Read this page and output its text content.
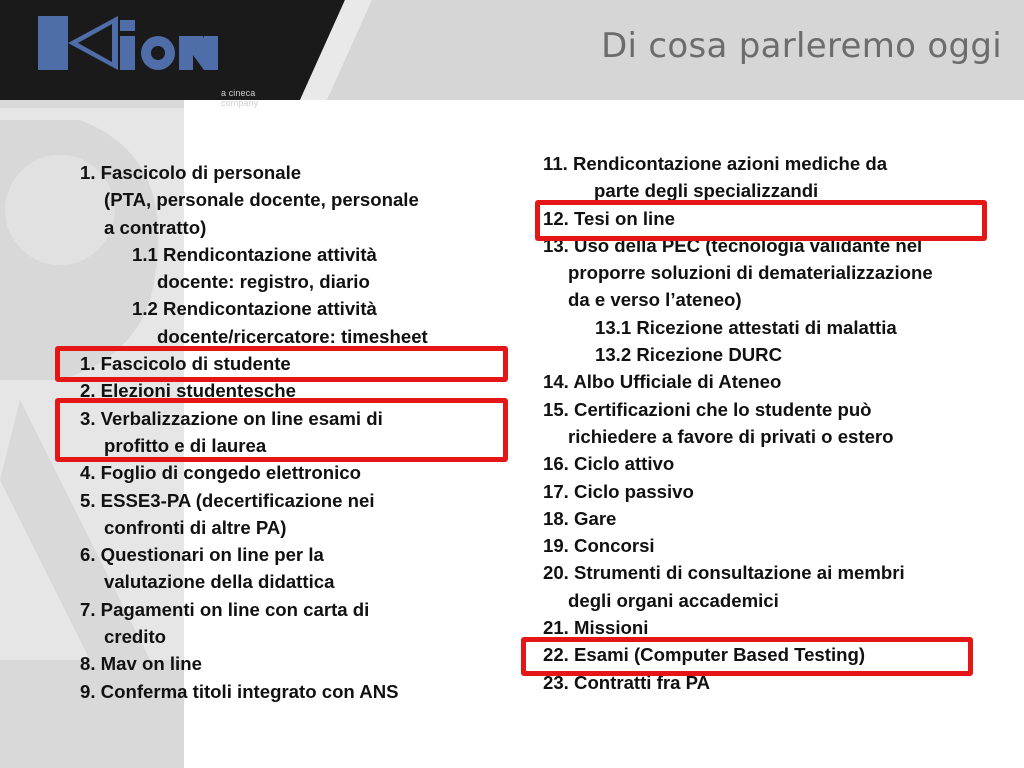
a cineca company
Di cosa parleremo oggi
1. Fascicolo di personale
(PTA, personale docente, personale
a contratto)
1.1 Rendicontazione attività
docente: registro, diario
1.2 Rendicontazione attività
docente/ricercatore: timesheet
1. Fascicolo di studente
2. Elezioni studentesche
3. Verbalizzazione on line esami di
profitto e di laurea
4. Foglio di congedo elettronico
5. ESSE3-PA (decertificazione nei
confronti di altre PA)
6. Questionari on line per la
valutazione della didattica
7. Pagamenti on line con carta di
credito
8. Mav on line
9. Conferma titoli integrato con ANS
11. Rendicontazione azioni mediche da
parte degli specializzandi
12. Tesi on line
13. Uso della PEC (tecnologia validante nel
proporre soluzioni di dematerializzazione
da e verso l’ateneo)
13.1 Ricezione attestati di malattia
13.2 Ricezione DURC
14. Albo Ufficiale di Ateneo
15. Certificazioni che lo studente può
richiedere a favore di privati o estero
16. Ciclo attivo
17. Ciclo passivo
18. Gare
19. Concorsi
20. Strumenti di consultazione ai membri
degli organi accademici
21. Missioni
22. Esami (Computer Based Testing)
23. Contratti fra PA
